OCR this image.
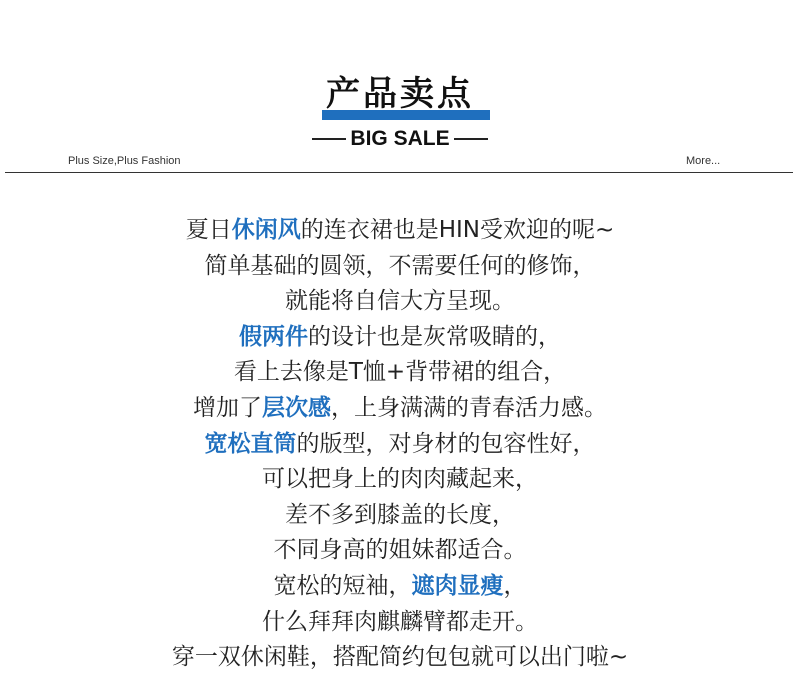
产品卖点
BIG SALE
Plus Size,Plus Fashion	More...
夏日休闲风的连衣裙也是HIN受欢迎的呢~
简单基础的圆领，不需要任何的修饰，
就能将自信大方呈现。
假两件的设计也是灰常吸睛的，
看上去像是T恤+背带裙的组合，
增加了层次感，上身满满的青春活力感。
宽松直筒的版型，对身材的包容性好，
可以把身上的肉肉藏起来，
差不多到膝盖的长度，
不同身高的姐妹都适合。
宽松的短袖，遮肉显瘦，
什么拜拜肉麒麟臂都走开。
穿一双休闲鞋，搭配简约包包就可以出门啦~
